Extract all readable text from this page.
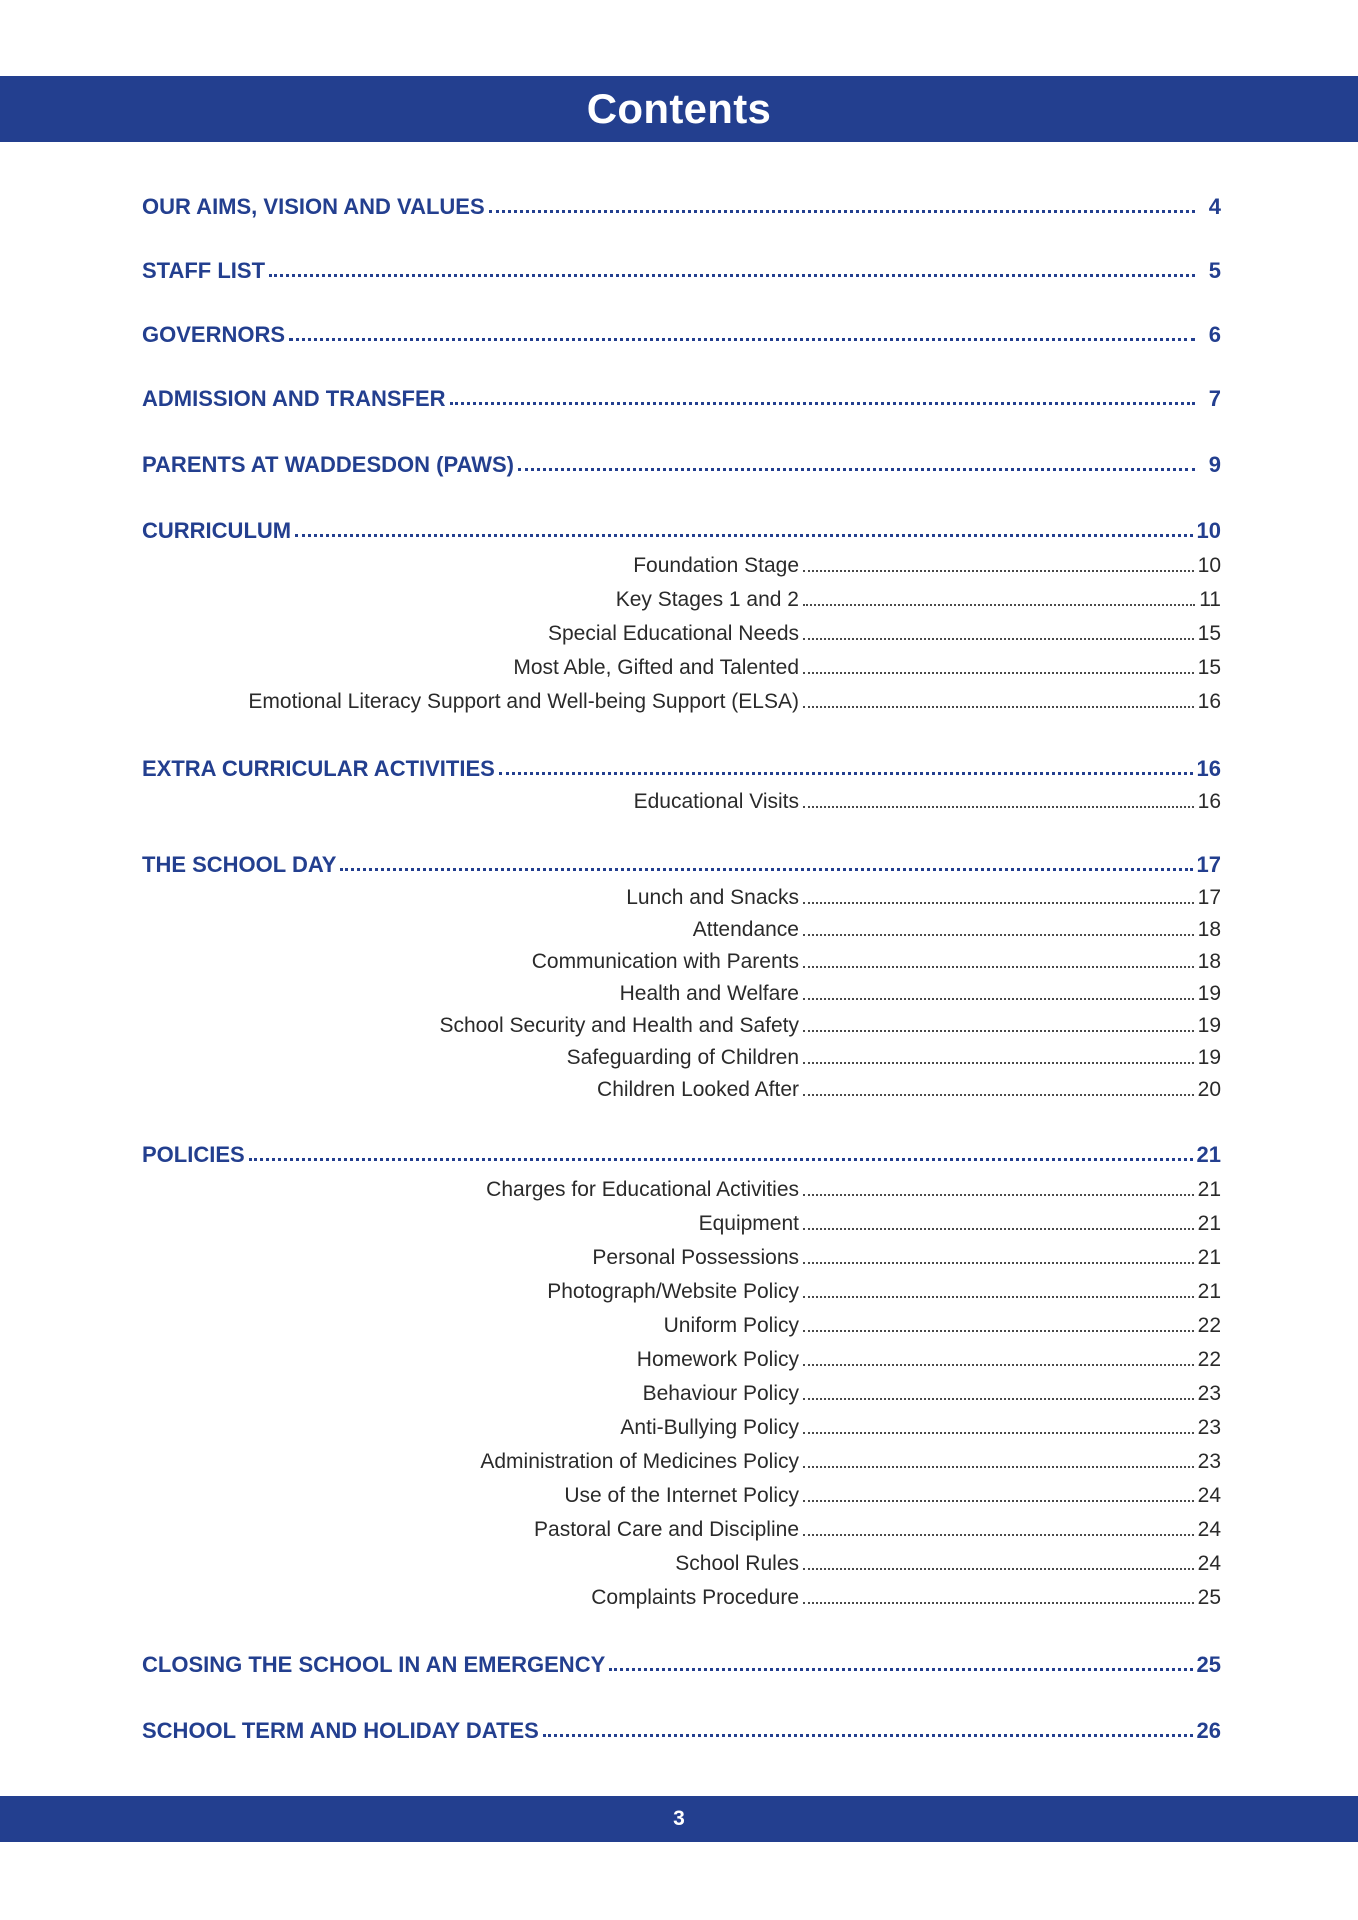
Contents
OUR AIMS, VISION AND VALUES	4
STAFF LIST	5
GOVERNORS	6
ADMISSION AND TRANSFER	7
PARENTS AT WADDESDON (PAWS)	9
CURRICULUM	10
Foundation Stage	10
Key Stages 1 and 2	11
Special Educational Needs	15
Most Able, Gifted and Talented	15
Emotional Literacy Support and Well-being Support (ELSA)	16
EXTRA CURRICULAR ACTIVITIES	16
Educational Visits	16
THE SCHOOL DAY	17
Lunch and Snacks	17
Attendance	18
Communication with Parents	18
Health and Welfare	19
School Security and Health and Safety	19
Safeguarding of Children	19
Children Looked After	20
POLICIES	21
Charges for Educational Activities	21
Equipment	21
Personal Possessions	21
Photograph/Website Policy	21
Uniform Policy	22
Homework Policy	22
Behaviour Policy	23
Anti-Bullying Policy	23
Administration of Medicines Policy	23
Use of the Internet Policy	24
Pastoral Care and Discipline	24
School Rules	24
Complaints Procedure	25
CLOSING THE SCHOOL IN AN EMERGENCY	25
SCHOOL TERM AND HOLIDAY DATES	26
3
